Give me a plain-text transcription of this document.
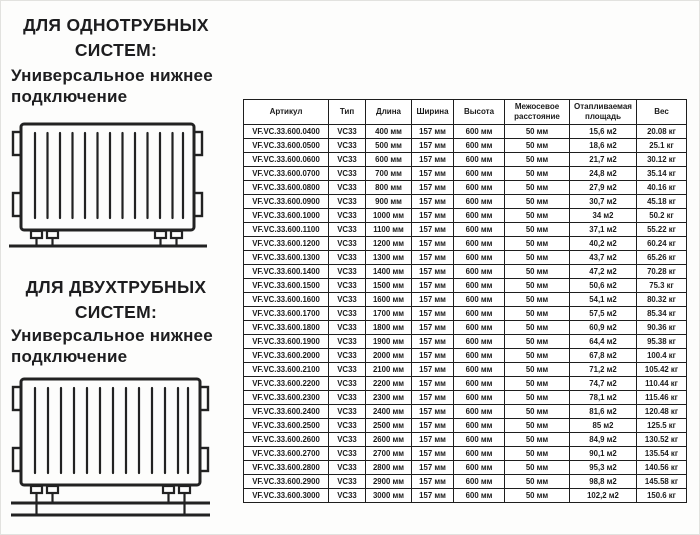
ДЛЯ ОДНОТРУБНЫХ СИСТЕМ:
Универсальное нижнее подключение
ДЛЯ ДВУХТРУБНЫХ СИСТЕМ:
Универсальное нижнее подключение
Артикул	Тип	Длина	Ширина	Высота	Межосевое расстояние	Отапливаемая площадь	Вес
VF.VC.33.600.0400	VC33	400 мм	157 мм	600 мм	50 мм	15,6 м2	20.08 кг
VF.VC.33.600.0500	VC33	500 мм	157 мм	600 мм	50 мм	18,6 м2	25.1 кг
VF.VC.33.600.0600	VC33	600 мм	157 мм	600 мм	50 мм	21,7 м2	30.12 кг
VF.VC.33.600.0700	VC33	700 мм	157 мм	600 мм	50 мм	24,8 м2	35.14 кг
VF.VC.33.600.0800	VC33	800 мм	157 мм	600 мм	50 мм	27,9 м2	40.16 кг
VF.VC.33.600.0900	VC33	900 мм	157 мм	600 мм	50 мм	30,7 м2	45.18 кг
VF.VC.33.600.1000	VC33	1000 мм	157 мм	600 мм	50 мм	34 м2	50.2 кг
VF.VC.33.600.1100	VC33	1100 мм	157 мм	600 мм	50 мм	37,1 м2	55.22 кг
VF.VC.33.600.1200	VC33	1200 мм	157 мм	600 мм	50 мм	40,2 м2	60.24 кг
VF.VC.33.600.1300	VC33	1300 мм	157 мм	600 мм	50 мм	43,7 м2	65.26 кг
VF.VC.33.600.1400	VC33	1400 мм	157 мм	600 мм	50 мм	47,2 м2	70.28 кг
VF.VC.33.600.1500	VC33	1500 мм	157 мм	600 мм	50 мм	50,6 м2	75.3 кг
VF.VC.33.600.1600	VC33	1600 мм	157 мм	600 мм	50 мм	54,1 м2	80.32 кг
VF.VC.33.600.1700	VC33	1700 мм	157 мм	600 мм	50 мм	57,5 м2	85.34 кг
VF.VC.33.600.1800	VC33	1800 мм	157 мм	600 мм	50 мм	60,9 м2	90.36 кг
VF.VC.33.600.1900	VC33	1900 мм	157 мм	600 мм	50 мм	64,4 м2	95.38 кг
VF.VC.33.600.2000	VC33	2000 мм	157 мм	600 мм	50 мм	67,8 м2	100.4 кг
VF.VC.33.600.2100	VC33	2100 мм	157 мм	600 мм	50 мм	71,2 м2	105.42 кг
VF.VC.33.600.2200	VC33	2200 мм	157 мм	600 мм	50 мм	74,7 м2	110.44 кг
VF.VC.33.600.2300	VC33	2300 мм	157 мм	600 мм	50 мм	78,1 м2	115.46 кг
VF.VC.33.600.2400	VC33	2400 мм	157 мм	600 мм	50 мм	81,6 м2	120.48 кг
VF.VC.33.600.2500	VC33	2500 мм	157 мм	600 мм	50 мм	85 м2	125.5 кг
VF.VC.33.600.2600	VC33	2600 мм	157 мм	600 мм	50 мм	84,9 м2	130.52 кг
VF.VC.33.600.2700	VC33	2700 мм	157 мм	600 мм	50 мм	90,1 м2	135.54 кг
VF.VC.33.600.2800	VC33	2800 мм	157 мм	600 мм	50 мм	95,3 м2	140.56 кг
VF.VC.33.600.2900	VC33	2900 мм	157 мм	600 мм	50 мм	98,8 м2	145.58 кг
VF.VC.33.600.3000	VC33	3000 мм	157 мм	600 мм	50 мм	102,2 м2	150.6 кг
